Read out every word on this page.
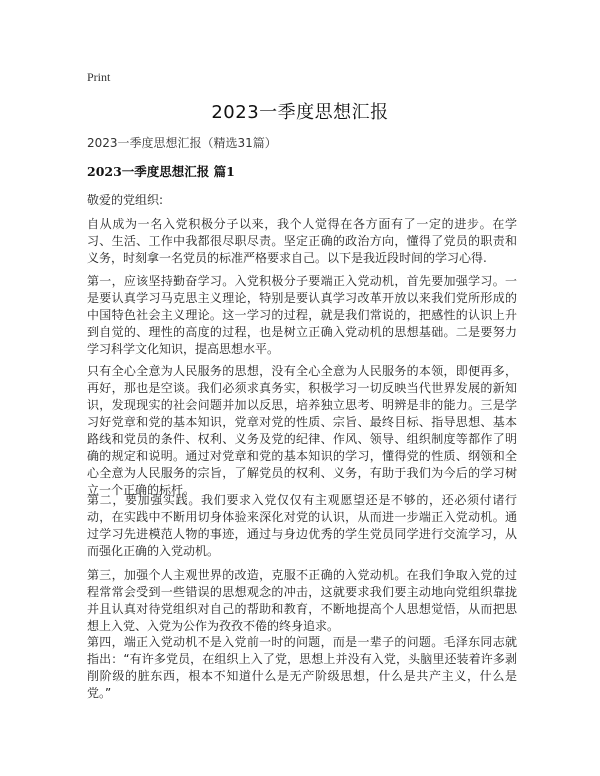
Print
2023一季度思想汇报
2023一季度思想汇报（精选31篇）
2023一季度思想汇报 篇1
敬爱的党组织:
自从成为一名入党积极分子以来，我个人觉得在各方面有了一定的进步。在学习、生活、工作中我都很尽职尽责。坚定正确的政治方向，懂得了党员的职责和义务，时刻拿一名党员的标准严格要求自己。以下是我近段时间的学习心得.
第一，应该坚持勤奋学习。入党积极分子要端正入党动机，首先要加强学习。一是要认真学习马克思主义理论，特别是要认真学习改革开放以来我们党所形成的中国特色社会主义理论。这一学习的过程，就是我们常说的，把感性的认识上升到自觉的、理性的高度的过程，也是树立正确入党动机的思想基础。二是要努力学习科学文化知识，提高思想水平。
只有全心全意为人民服务的思想，没有全心全意为人民服务的本领，即便再多，再好，那也是空谈。我们必须求真务实，积极学习一切反映当代世界发展的新知识，发现现实的社会问题并加以反思，培养独立思考、明辨是非的能力。三是学习好党章和党的基本知识，党章对党的性质、宗旨、最终目标、指导思想、基本路线和党员的条件、权利、义务及党的纪律、作风、领导、组织制度等都作了明确的规定和说明。通过对党章和党的基本知识的学习，懂得党的性质、纲领和全心全意为人民服务的宗旨，了解党员的权利、义务，有助于我们为今后的学习树立一个正确的标杆。
第二，要加强实践。我们要求入党仅仅有主观愿望还是不够的，还必须付诸行动，在实践中不断用切身体验来深化对党的认识，从而进一步端正入党动机。通过学习先进模范人物的事迹，通过与身边优秀的学生党员同学进行交流学习，从而强化正确的入党动机。
第三，加强个人主观世界的改造，克服不正确的入党动机。在我们争取入党的过程常常会受到一些错误的思想观念的冲击，这就要求我们要主动地向党组织靠拢并且认真对待党组织对自己的帮助和教育，不断地提高个人思想觉悟，从而把思想上入党、入党为公作为孜孜不倦的终身追求。
第四，端正入党动机不是入党前一时的问题，而是一辈子的问题。毛泽东同志就指出：“有许多党员，在组织上入了党，思想上并没有入党，头脑里还装着许多剥削阶级的脏东西，根本不知道什么是无产阶级思想，什么是共产主义，什么是党。”
